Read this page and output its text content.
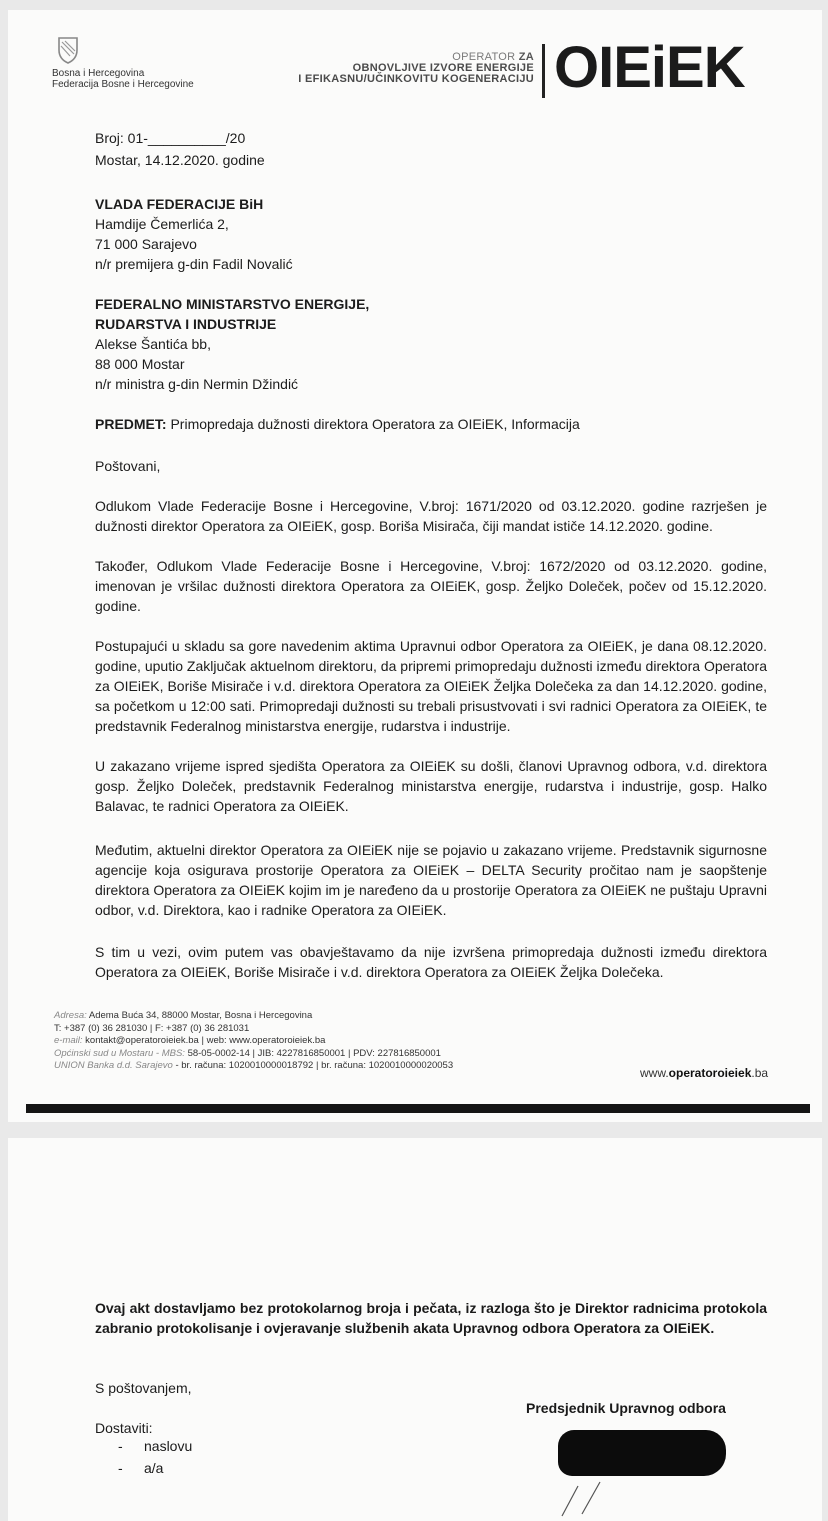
Bosna i Hercegovina
Federacija Bosne i Hercegovine
OPERATOR ZA
OBNOVLJIVE IZVORE ENERGIJE
I EFIKASNU/UČINKOVITU KOGENERACIJU OIEiEK
Broj: 01-__________/20
Mostar, 14.12.2020. godine
VLADA FEDERACIJE BiH
Hamdije Čemerlića 2,
71 000 Sarajevo
n/r premijera g-din Fadil Novalić
FEDERALNO MINISTARSTVO ENERGIJE,
RUDARSTVA I INDUSTRIJE
Alekse Šantića bb,
88 000 Mostar
n/r ministra g-din Nermin Džindić
PREDMET: Primopredaja dužnosti direktora Operatora za OIEiEK, Informacija
Poštovani,
Odlukom Vlade Federacije Bosne i Hercegovine, V.broj: 1671/2020 od 03.12.2020. godine razrješen je dužnosti direktor Operatora za OIEiEK, gosp. Boriša Misirača, čiji mandat ističe 14.12.2020. godine.
Također, Odlukom Vlade Federacije Bosne i Hercegovine, V.broj: 1672/2020 od 03.12.2020. godine, imenovan je vršilac dužnosti direktora Operatora za OIEiEK, gosp. Željko Doleček, počev od 15.12.2020. godine.
Postupajući u skladu sa gore navedenim aktima Upravnui odbor Operatora za OIEiEK, je dana 08.12.2020. godine, uputio Zaključak aktuelnom direktoru, da pripremi primopredaju dužnosti između direktora Operatora za OIEiEK, Boriše Misirače i v.d. direktora Operatora za OIEiEK Željka Dolečeka za dan 14.12.2020. godine, sa početkom u 12:00 sati. Primopredaji dužnosti su trebali prisustvovati i svi radnici Operatora za OIEiEK, te predstavnik Federalnog ministarstva energije, rudarstva i industrije.
U zakazano vrijeme ispred sjedišta Operatora za OIEiEK su došli, članovi Upravnog odbora, v.d. direktora gosp. Željko Doleček, predstavnik Federalnog ministarstva energije, rudarstva i industrije, gosp. Halko Balavac, te radnici Operatora za OIEiEK.
Međutim, aktuelni direktor Operatora za OIEiEK nije se pojavio u zakazano vrijeme. Predstavnik sigurnosne agencije koja osigurava prostorije Operatora za OIEiEK – DELTA Security pročitao nam je saopštenje direktora Operatora za OIEiEK kojim im je naređeno da u prostorije Operatora za OIEiEK ne puštaju Upravni odbor, v.d. Direktora, kao i radnike Operatora za OIEiEK.
S tim u vezi, ovim putem vas obavještavamo da nije izvršena primopredaja dužnosti između direktora Operatora za OIEiEK, Boriše Misirače i v.d. direktora Operatora za OIEiEK Željka Dolečeka.
Adresa: Adema Buća 34, 88000 Mostar, Bosna i Hercegovina
T: +387 (0) 36 281030 | F: +387 (0) 36 281031
e-mail: kontakt@operatoroieiek.ba | web: www.operatoroieiek.ba
Općinski sud u Mostaru - MBS: 58-05-0002-14 | JIB: 4227816850001 | PDV: 227816850001
UNION Banka d.d. Sarajevo - br. računa: 1020010000018792 | br. računa: 1020010000020053
www.operatoroieiek.ba
Ovaj akt dostavljamo bez protokolarnog broja i pečata, iz razloga što je Direktor radnicima protokola zabranio protokolisanje i ovjeravanje službenih akata Upravnog odbora Operatora za OIEiEK.
S poštovanjem,
Predsjednik Upravnog odbora
Dostaviti:
- naslovu
- a/a
